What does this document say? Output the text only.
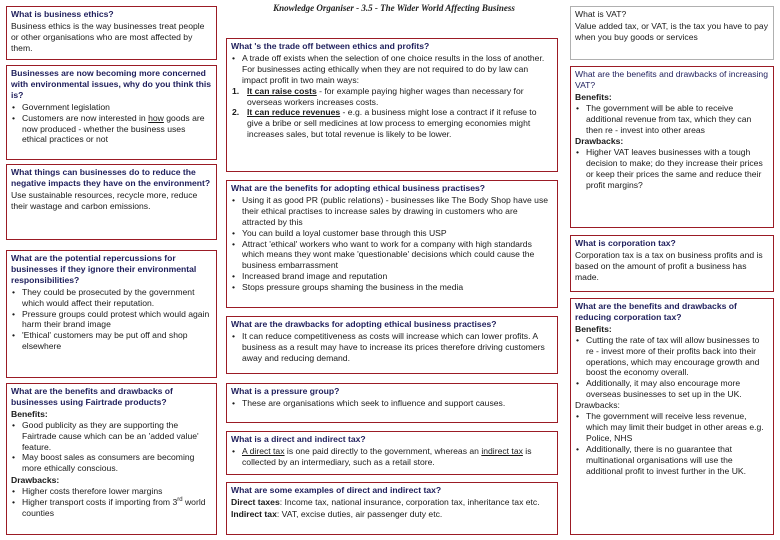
Knowledge Organiser - 3.5 - The Wider World Affecting Business
What is business ethics?

Business ethics is the way businesses treat people or other organisations who are most affected by them.

Businesses are now becoming more concerned with environmental issues, why do you think this is?
• Government legislation
• Customers are now interested in how goods are now produced - whether the business uses ethical practices or not
What things can businesses do to reduce the negative impacts they have on the environment?

Use sustainable resources, recycle more, reduce their wastage and carbon emissions.

What are the potential repercussions for businesses if they ignore their environmental responsibilities?
• They could be prosecuted by the government which would affect their reputation.
• Pressure groups could protest which would again harm their brand image
• 'Ethical' customers may be put off and shop elsewhere
What are the benefits and drawbacks of businesses using Fairtrade products?
Benefits:
• Good publicity as they are supporting the Fairtrade cause which can be an 'added value' feature.
• May boost sales as consumers are becoming more ethically conscious.
Drawbacks:
• Higher costs therefore lower margins
• Higher transport costs if importing from 3rd world counties
What 's the trade off between ethics and profits?
• A trade off exists when the selection of one choice results in the loss of another. For businesses acting ethically when they are not required to do by law can impact profit in two main ways:
1. It can raise costs - for example paying higher wages than necessary for overseas workers increases costs.
2. It can reduce revenues - e.g. a business might lose a contract if it refuse to give a bribe or sell medicines at low process to emerging economies might increases sales, but total revenue is likely to be lower.
What are the benefits for adopting ethical business practises?
• Using it as good PR (public relations) - businesses like The Body Shop have use their ethical practises to increase sales by drawing in customers who are attracted by this
• You can build a loyal customer base through this USP
• Attract 'ethical' workers who want to work for a company with high standards which means they wont make 'questionable' decisions which could cause the business embarrassment
• Increased brand image and reputation
• Stops pressure groups shaming the business in the media
What are the drawbacks for adopting ethical business practises?
• It can reduce competitiveness as costs will increase which can lower profits. A business as a result may have to increase its prices therefore driving customers away and reducing demand.
What is a pressure group?
• These are organisations which seek to influence and support causes.
What is a direct and indirect tax?
• A direct tax is one paid directly to the government, whereas an indirect tax is collected by an intermediary, such as a retail store.
What are some examples of direct and indirect tax?

Direct taxes: Income tax, national insurance, corporation tax, inheritance tax etc.

Indirect tax: VAT, excise duties, air passenger duty etc.

What is VAT?

Value added tax, or VAT, is the tax you have to pay when you buy goods or services

What are the benefits and drawbacks of increasing VAT?
Benefits:
• The government will be able to receive additional revenue from tax, which they can then re - invest into other areas
Drawbacks:
• Higher VAT leaves businesses with a tough decision to make; do they increase their prices or keep their prices the same and reduce their profit margins?
What is corporation tax?

Corporation tax is a tax on business profits and is based on the amount of profit a business has made.

What are the benefits and drawbacks of reducing corporation tax?
Benefits:
• Cutting the rate of tax will allow businesses to re - invest more of their profits back into their operations, which may encourage growth and boost the economy overall.
• Additionally, it may also encourage more overseas businesses to set up in the UK.
Drawbacks:
• The government will receive less revenue, which may limit their budget in other areas e.g. Police, NHS
• Additionally, there is no guarantee that multinational organisations will use the additional profit to invest further in the UK.
